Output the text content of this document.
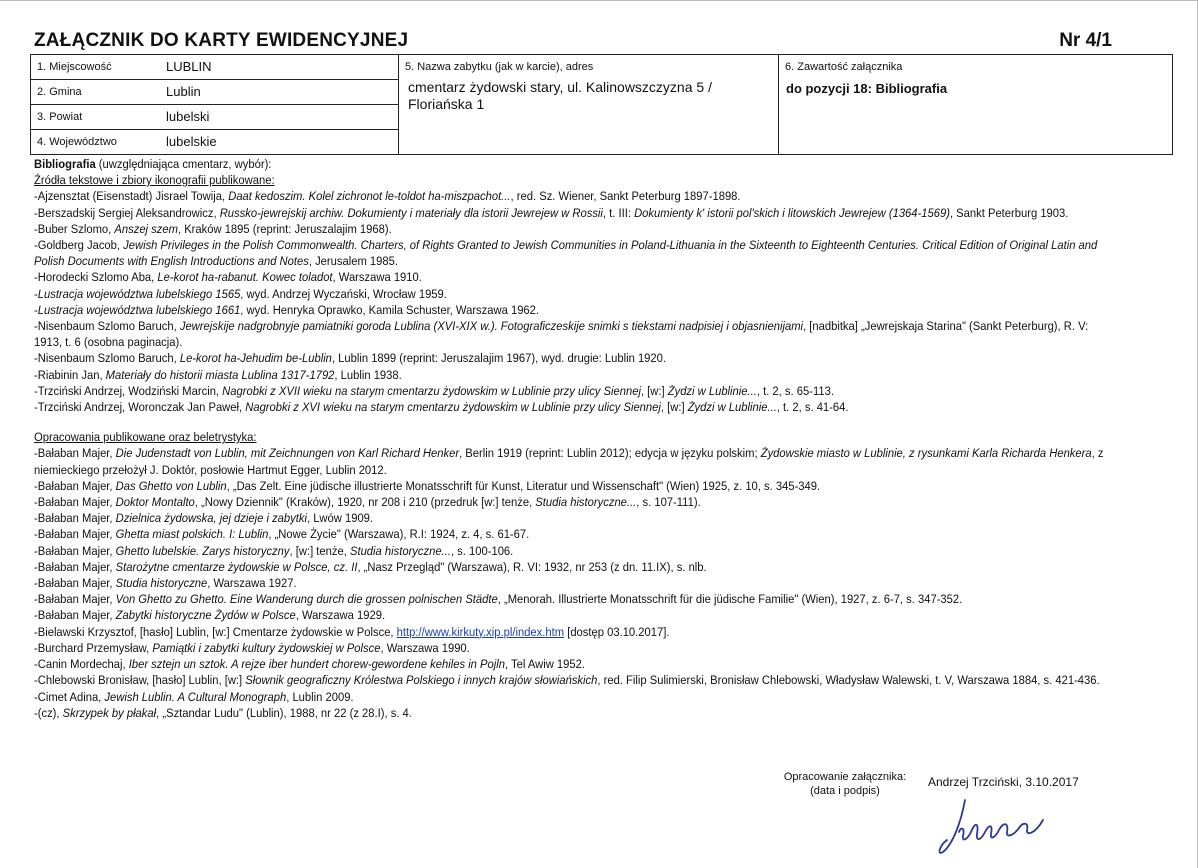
ZAŁĄCZNIK DO KARTY EWIDENCYJNEJ	Nr 4/1
1. Miejscowość	LUBLIN
2. Gmina	Lublin
3. Powiat	lubelski
4. Województwo	lubelskie
5. Nazwa zabytku (jak w karcie), adres
cmentarz żydowski stary, ul. Kalinowszczyzna 5 /
Floriańska 1
6. Zawartość załącznika
do pozycji 18: Bibliografia

Bibliografia (uwzględniająca cmentarz, wybór):

Źródła tekstowe i zbiory ikonografii publikowane:

-Ajzensztat (Eisenstadt) Jisrael Towija, Daat kedoszim. Kolel zichronot le-toldot ha-miszpachot..., red. Sz. Wiener, Sankt Peterburg 1897-1898.

-Berszadskij Sergiej Aleksandrowicz, Russko-jewrejskij archiw. Dokumienty i materiały dla istorii Jewrejew w Rossii, t. III: Dokumienty k' istorii pol'skich i litowskich Jewrejew (1364-1569), Sankt Peterburg 1903.

-Buber Szlomo, Anszej szem, Kraków 1895 (reprint: Jeruszalajim 1968).

-Goldberg Jacob, Jewish Privileges in the Polish Commonwealth. Charters, of Rights Granted to Jewish Communities in Poland-Lithuania in the Sixteenth to Eighteenth Centuries. Critical Edition of Original Latin and

Polish Documents with English Introductions and Notes, Jerusalem 1985.

-Horodecki Szlomo Aba, Le-korot ha-rabanut. Kowec toladot, Warszawa 1910.

-Lustracja województwa lubelskiego 1565, wyd. Andrzej Wyczański, Wrocław 1959.

-Lustracja województwa lubelskiego 1661, wyd. Henryka Oprawko, Kamila Schuster, Warszawa 1962.

-Nisenbaum Szlomo Baruch, Jewrejskije nadgrobnyje pamiatniki goroda Lublina (XVI-XIX w.). Fotograficzeskije snimki s tiekstami nadpisiej i objasnienijami, [nadbitka] „Jewrejskaja Starina" (Sankt Peterburg), R. V:

1913, t. 6 (osobna paginacja).

-Nisenbaum Szlomo Baruch, Le-korot ha-Jehudim be-Lublin, Lublin 1899 (reprint: Jeruszalajim 1967), wyd. drugie: Lublin 1920.

-Riabinin Jan, Materiały do historii miasta Lublina 1317-1792, Lublin 1938.

-Trzciński Andrzej, Wodziński Marcin, Nagrobki z XVII wieku na starym cmentarzu żydowskim w Lublinie przy ulicy Siennej, [w:] Żydzi w Lublinie..., t. 2, s. 65-113.

-Trzciński Andrzej, Woronczak Jan Paweł, Nagrobki z XVI wieku na starym cmentarzu żydowskim w Lublinie przy ulicy Siennej, [w:] Żydzi w Lublinie..., t. 2, s. 41-64.

Opracowania publikowane oraz beletrystyka:

-Bałaban Majer, Die Judenstadt von Lublin, mit Zeichnungen von Karl Richard Henker, Berlin 1919 (reprint: Lublin 2012); edycja w języku polskim; Żydowskie miasto w Lublinie, z rysunkami Karla Richarda Henkera, z

niemieckiego przełożył J. Doktór, posłowie Hartmut Egger, Lublin 2012.

-Bałaban Majer, Das Ghetto von Lublin, „Das Zelt. Eine jüdische illustrierte Monatsschrift für Kunst, Literatur und Wissenschaft" (Wien) 1925, z. 10, s. 345-349.

-Bałaban Majer, Doktor Montalto, „Nowy Dziennik" (Kraków), 1920, nr 208 i 210 (przedruk [w:] tenże, Studia historyczne..., s. 107-111).

-Bałaban Majer, Dzielnica żydowska, jej dzieje i zabytki, Lwów 1909.

-Bałaban Majer, Ghetta miast polskich. I: Lublin, „Nowe Życie" (Warszawa), R.I: 1924, z. 4, s. 61-67.

-Bałaban Majer, Ghetto lubelskie. Zarys historyczny, [w:] tenże, Studia historyczne..., s. 100-106.

-Bałaban Majer, Starożytne cmentarze żydowskie w Polsce, cz. II, „Nasz Przegląd" (Warszawa), R. VI: 1932, nr 253 (z dn. 11.IX), s. nlb.

-Bałaban Majer, Studia historyczne, Warszawa 1927.

-Bałaban Majer, Von Ghetto zu Ghetto. Eine Wanderung durch die grossen polnischen Städte, „Menorah. Illustrierte Monatsschrift für die jüdische Familie" (Wien), 1927, z. 6-7, s. 347-352.

-Bałaban Majer, Zabytki historyczne Żydów w Polsce, Warszawa 1929.

-Bielawski Krzysztof, [hasło] Lublin, [w:] Cmentarze żydowskie w Polsce, http://www.kirkuty.xip.pl/index.htm [dostęp 03.10.2017].

-Burchard Przemysław, Pamiątki i zabytki kultury żydowskiej w Polsce, Warszawa 1990.

-Canin Mordechaj, Iber sztejn un sztok. A rejze iber hundert chorew-gewordene kehiles in Pojln, Tel Awiw 1952.

-Chlebowski Bronisław, [hasło] Lublin, [w:] Słownik geograficzny Królestwa Polskiego i innych krajów słowiańskich, red. Filip Sulimierski, Bronisław Chlebowski, Władysław Walewski, t. V, Warszawa 1884, s. 421-436.

-Cimet Adina, Jewish Lublin. A Cultural Monograph, Lublin 2009.

-(cz), Skrzypek by płakał, „Sztandar Ludu" (Lublin), 1988, nr 22 (z 28.I), s. 4.

Opracowanie załącznika:
(data i podpis)
Andrzej Trzciński, 3.10.2017
